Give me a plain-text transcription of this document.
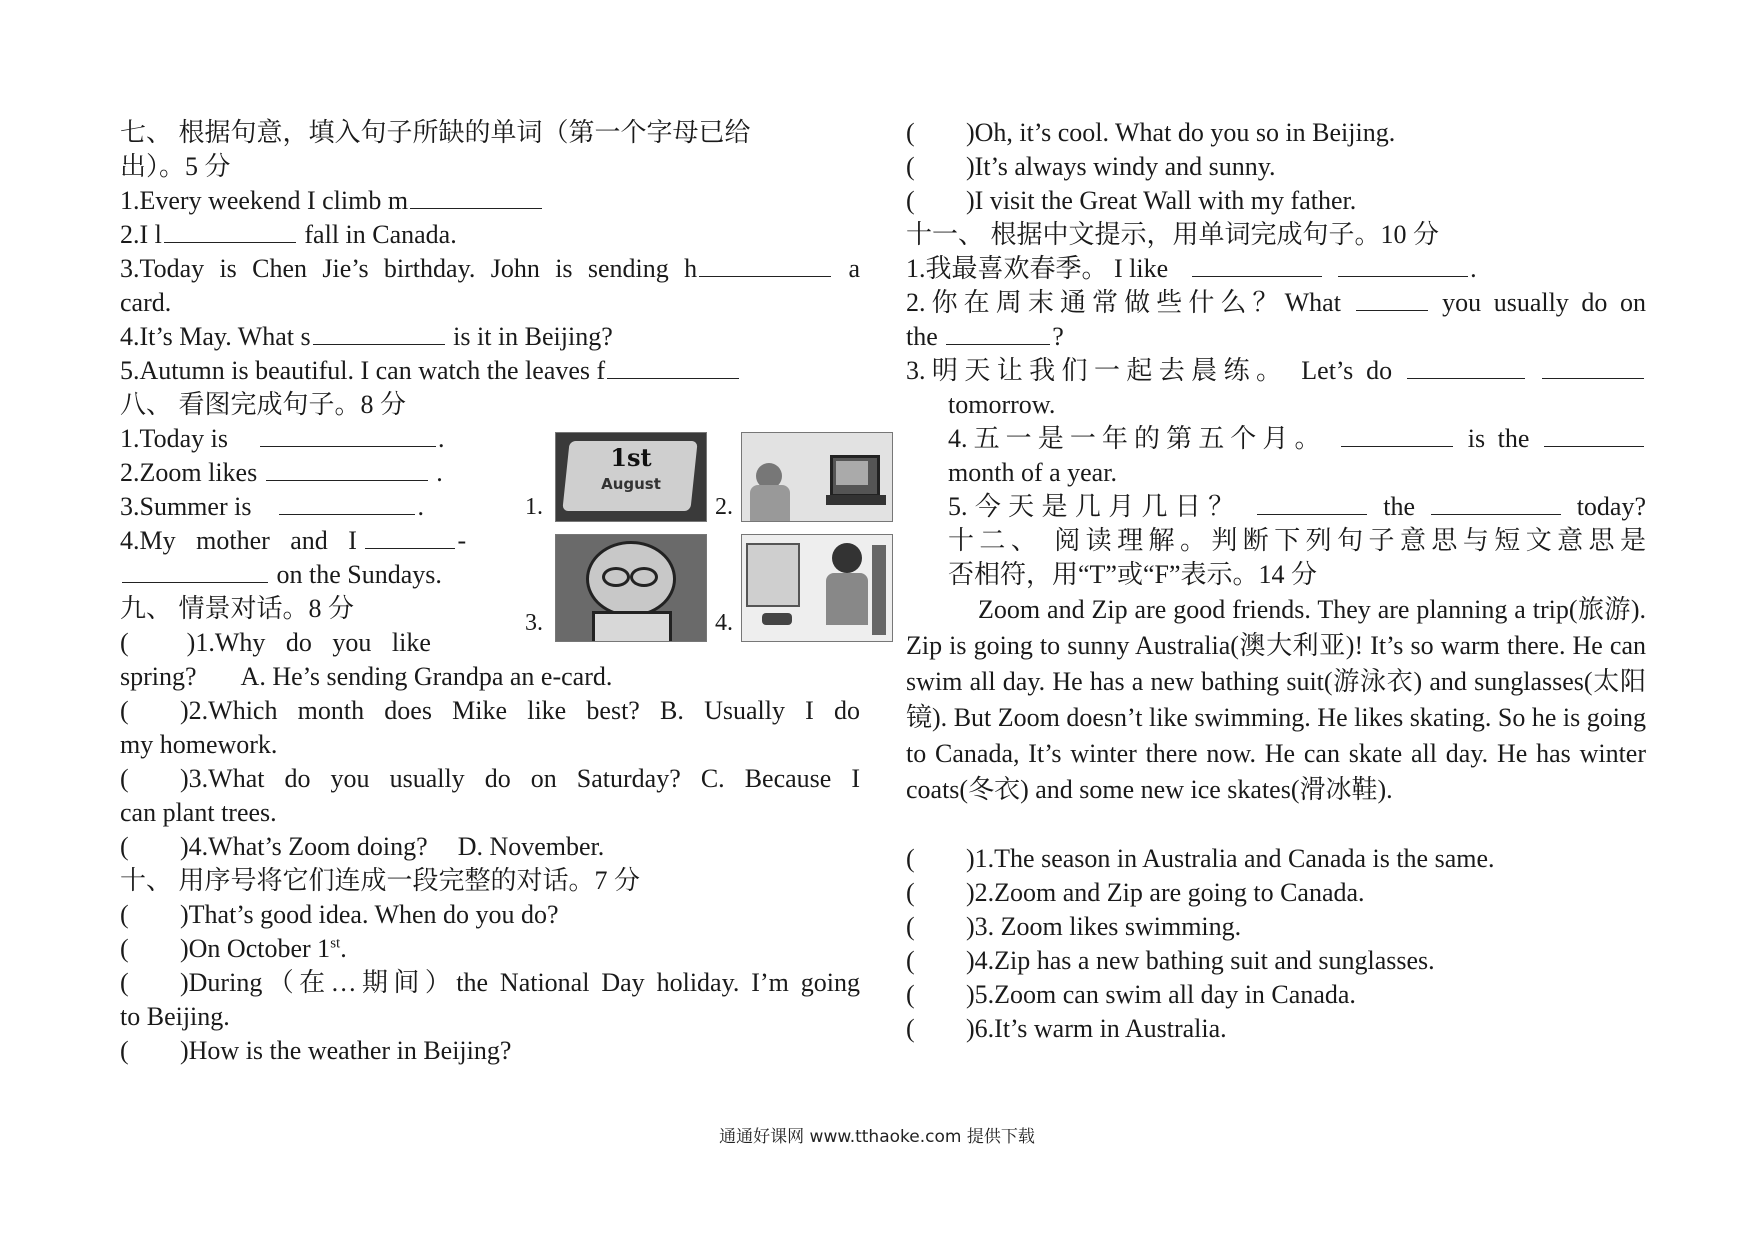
七、 根据句意，填入句子所缺的单词（第一个字母已给
出）。5 分
1.Every weekend I climb m
2.I l	fall in Canada.
3.Today is Chen Jie’s birthday. John is sending h	a
card.
4.It’s May. What s	is it in Beijing?
5.Autumn is beautiful. I can watch the leaves f
八、 看图完成句子。8 分
1.Today is	.
2.Zoom likes	.
3.Summer is	.
4.My mother and I	-
on the Sundays.
九、 情景对话。8 分
( )1.Why do you like
spring? A. He’s sending Grandpa an e-card.
( )2.Which month does Mike like best? B. Usually I do
my homework.
( )3.What do you usually do on Saturday? C. Because I
can plant trees.
( )4.What’s Zoom doing? D. November.
十、 用序号将它们连成一段完整的对话。7 分
( )That’s good idea. When do you do?
( )On October 1st.
( )During（在…期间）the National Day holiday. I’m going
to Beijing.
( )How is the weather in Beijing?
1st
August
1.	2.
3.	4.
( )Oh, it’s cool. What do you so in Beijing.
( )It’s always windy and sunny.
( )I visit the Great Wall with my father.
十一、 根据中文提示，用单词完成句子。10 分
1.我最喜欢春季。 I like	.
2.你在周末通常做些什么？What	you usually do on
the	?
3.明天让我们一起去晨练。 Let’s do
tomorrow.
4.五一是一年的第五个月。	is the
month of a year.
5.今天是几月几日？	the	today?
十二、 阅读理解。判断下列句子意思与短文意思是
否相符，用“T”或“F”表示。14 分
Zoom and Zip are good friends. They are planning a trip(旅游). Zip is going to sunny Australia(澳大利亚)! It’s so warm there. He can swim all day. He has a new bathing suit(游泳衣) and sunglasses(太阳镜). But Zoom doesn’t like swimming. He likes skating. So he is going to Canada, It’s winter there now. He can skate all day. He has winter coats(冬衣) and some new ice skates(滑冰鞋).
( )1.The season in Australia and Canada is the same.
( )2.Zoom and Zip are going to Canada.
( )3. Zoom likes swimming.
( )4.Zip has a new bathing suit and sunglasses.
( )5.Zoom can swim all day in Canada.
( )6.It’s warm in Australia.
通通好课网 www.tthaoke.com 提供下载
